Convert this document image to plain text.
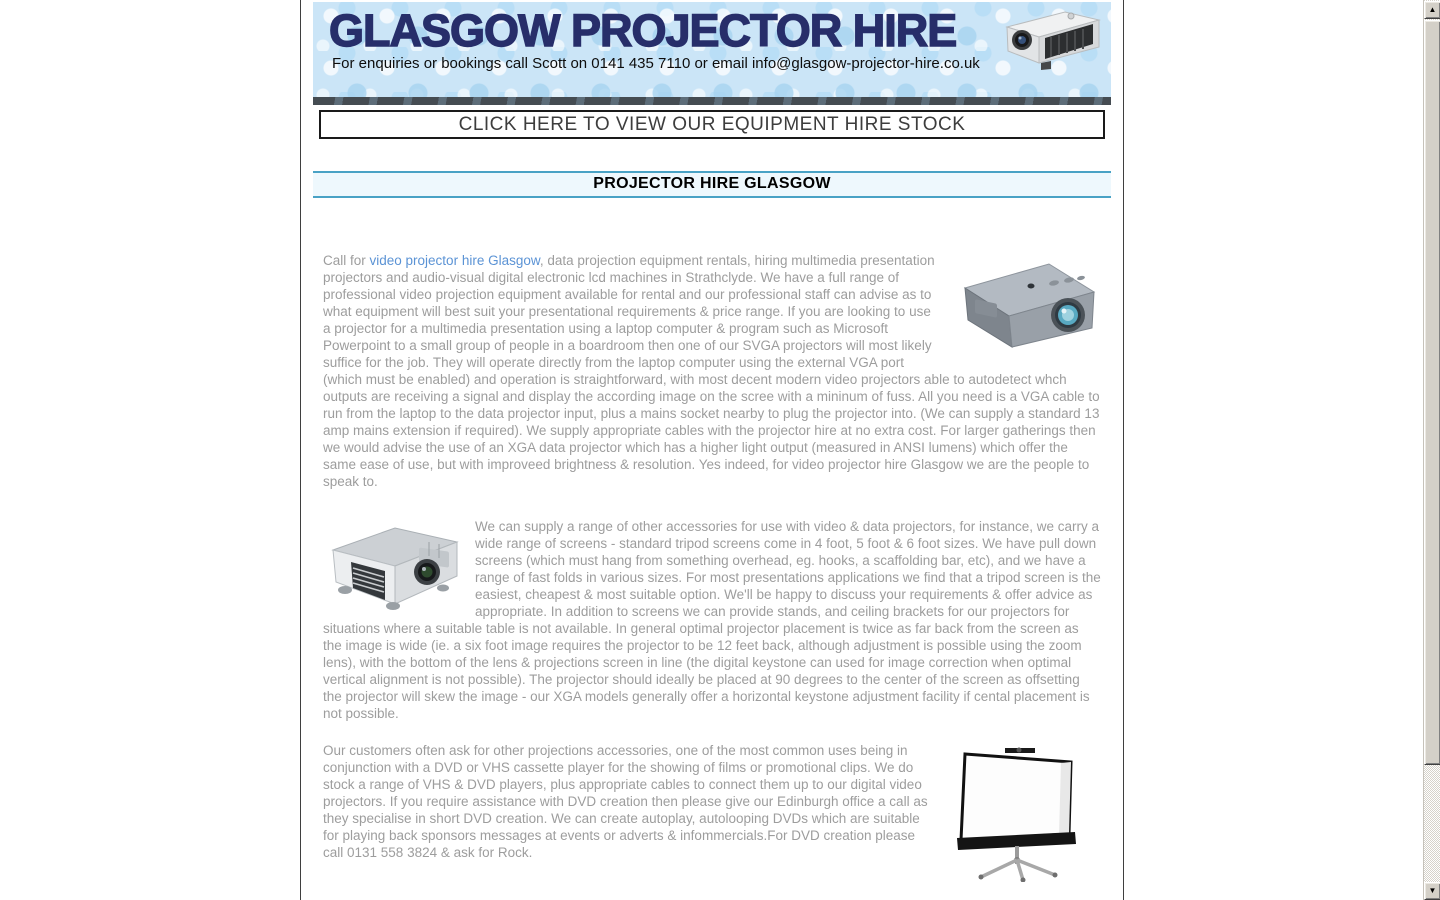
GLASGOW PROJECTOR HIRE
For enquiries or bookings call Scott on 0141 435 7110 or email info@glasgow-projector-hire.co.uk
CLICK HERE TO VIEW OUR EQUIPMENT HIRE STOCK
PROJECTOR HIRE GLASGOW

Call for video projector hire Glasgow, data projection equipment rentals, hiring multimedia presentation projectors and audio-visual digital electronic lcd machines in Strathclyde. We have a full range of professional video projection equipment available for rental and our professional staff can advise as to what equipment will best suit your presentational requirements & price range. If you are looking to use a projector for a multimedia presentation using a laptop computer & program such as Microsoft Powerpoint to a small group of people in a boardroom then one of our SVGA projectors will most likely suffice for the job. They will operate directly from the laptop computer using the external VGA port (which must be enabled) and operation is straightforward, with most decent modern video projectors able to autodetect whch outputs are receiving a signal and display the according image on the scree with a mininum of fuss. All you need is a VGA cable to run from the laptop to the data projector input, plus a mains socket nearby to plug the projector into. (We can supply a standard 13 amp mains extension if required). We supply appropriate cables with the projector hire at no extra cost. For larger gatherings then we would advise the use of an XGA data projector which has a higher light output (measured in ANSI lumens) which offer the same ease of use, but with improveed brightness & resolution. Yes indeed, for video projector hire Glasgow we are the people to speak to.

We can supply a range of other accessories for use with video & data projectors, for instance, we carry a wide range of screens - standard tripod screens come in 4 foot, 5 foot & 6 foot sizes. We have pull down screens (which must hang from something overhead, eg. hooks, a scaffolding bar, etc), and we have a range of fast folds in various sizes. For most presentations applications we find that a tripod screen is the easiest, cheapest & most suitable option. We'll be happy to discuss your requirements & offer advice as appropriate. In addition to screens we can provide stands, and ceiling brackets for our projectors for situations where a suitable table is not available. In general optimal projector placement is twice as far back from the screen as the image is wide (ie. a six foot image requires the projector to be 12 feet back, although adjustment is possible using the zoom lens), with the bottom of the lens & projections screen in line (the digital keystone can used for image correction when optimal vertical alignment is not possible). The projector should ideally be placed at 90 degrees to the center of the screen as offsetting the projector will skew the image - our XGA models generally offer a horizontal keystone adjustment facility if cental placement is not possible.

Our customers often ask for other projections accessories, one of the most common uses being in conjunction with a DVD or VHS cassette player for the showing of films or promotional clips. We do stock a range of VHS & DVD players, plus appropriate cables to connect them up to our digital video projectors. If you require assistance with DVD creation then please give our Edinburgh office a call as they specialise in short DVD creation. We can create autoplay, autolooping DVDs which are suitable for playing back sponsors messages at events or adverts & infommercials.For DVD creation please call 0131 558 3824 & ask for Rock.

▲
▼
